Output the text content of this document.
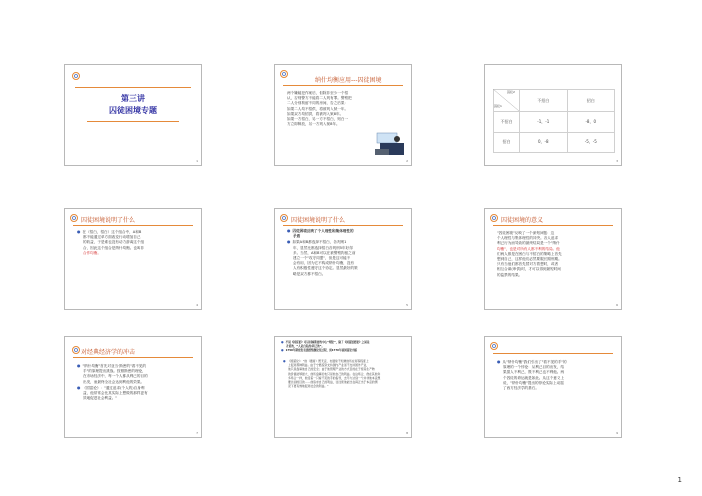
第三讲
囚徒困境专题
1
纳什均衡应用---囚徒困境
两个嫌疑犯作案后，但除非至少一个招
认，否则警方不能将二人判有罪。警察把
二人分别拘留不同的房间，告之后果：
如果二人均不招供，将被判入狱一年。
如果双方均招供，将被判入狱8年。
如果一方招白，另一方不招白，则白一
方立即释放，另一方判入狱8年。
2
	不招白	招白
不招白	-1，-1	-8，0
招白	0，-8	-5，-5
囚犯2
囚犯1
3
囚徒困境说明了什么
● 在（招白，招白）这个组合中，A和B
都不能通过单方面改变行动增加自己
的收益，于是谁也没有动力游离这个组
合，因此这个组合是纳什均衡。也叫非
合作均衡。
4
囚徒困境说明了什么
● 囚徒困境反映了个人理性和集体理性的
矛盾
● 如果A和B都选择不招白，各判刑1
年，显然比都选择招白各判刑5年好得
多。当然，A和B可以在被警察拘留之前
建立一个"攻守同盟"，但是这可能不
会有用，因为它不构成纳什均衡，没有
人有积极性遵守这个协定。显然最好的策
略是双方都不招白。
5
囚徒困境的意义
"囚徒困境"反映了一个深刻问题：这
个人理性与集体理性的冲突。各人追求
利己行为而导致的最终结局是一个"纳什
均衡"，也是对所有人都不利的结局。他
们两人都是在困白与不招白的策略上首先
想到自己，这样他们必然要服长期刑期。
只有当他们都首先替对方着想时，或者
相互合谋(串供)时，才可以得到最短时间
的监禁的结果。
6
对经典经济学的冲击
● "纳什均衡"首先对亚当·斯密的"看不见的
手"的原理提出挑战。按照斯密的理论，
在市场经济中，每一个人都从利己的目的
出发，而最终全社会达到利他的效果。
● 《国富论》："通过追求(个人的)自身利
益，他常常会比其实际上想做的那样更有
效地促进社会利益。"
7
● 不说《国富论》可以回顾斯密的中心“理论”，除了《国富道德论》之间是
矛盾的，“人是自私的/利己的”。
● 1759年斯密发表道德情操论及过程，到1776年前国富论出版
● 《国富论》："他（通常）既无意，也通常不知道他所在何等程度上
上促进那种利益。由于宁愿投资支持国内产业而不支持国外产业，
他只是盘算他自己的安全；由于他管理产业的方式目的在于使其生产物
的价值能够最大，他所盘算的也只是他自己的利益。在这场合，像在其他许
多场合一样，他受着一只看不见的手的指导，去尽力达到一个并非他本意想
要达到的目的……他追求自己的利益，往往使他能比在真正出于本意的情
况下更有效地促进社会的利益。"
8
● 从"纳什均衡"我们引出了"看不见的手"的
原理的一个悖论：从利己目的出发，结
果损人不利己，既不利己也不利他。两
个囚徒的命运就是如此。从这个意义上
说，"纳什均衡"提出的悖论实际上动摇
了西方经济学的基石。
9
1
